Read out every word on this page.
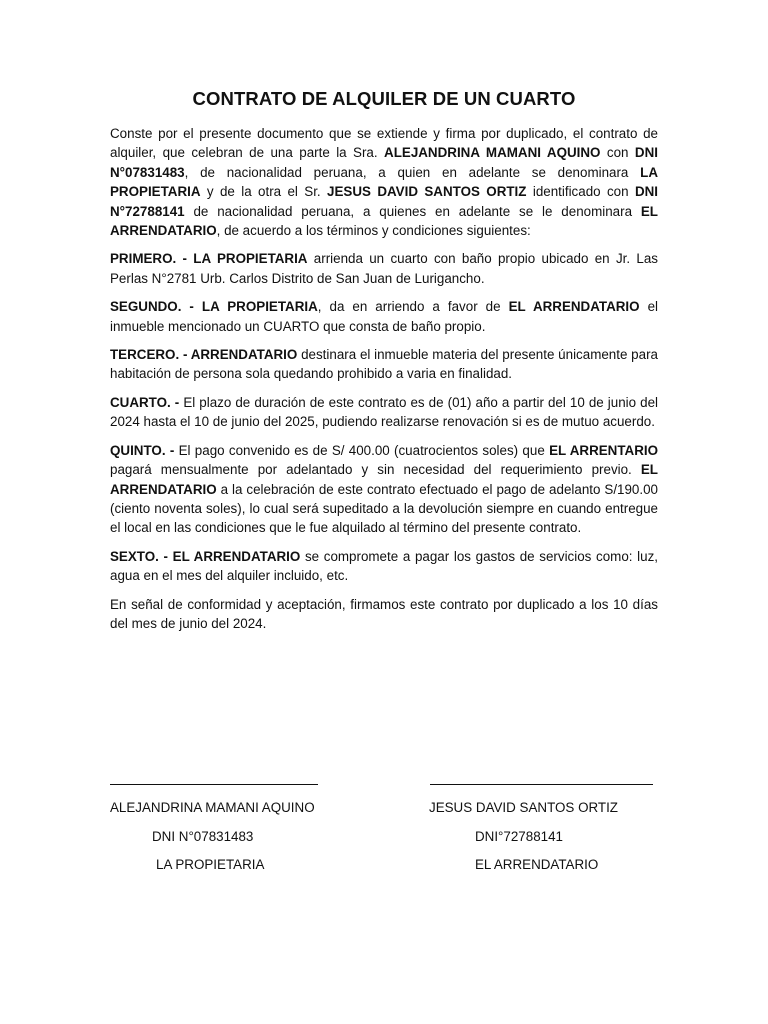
CONTRATO DE ALQUILER DE UN CUARTO

Conste por el presente documento que se extiende y firma por duplicado, el contrato de alquiler, que celebran de una parte la Sra. ALEJANDRINA MAMANI AQUINO con DNI N°07831483, de nacionalidad peruana, a quien en adelante se denominara LA PROPIETARIA y de la otra el Sr. JESUS DAVID SANTOS ORTIZ identificado con DNI N°72788141 de nacionalidad peruana, a quienes en adelante se le denominara EL ARRENDATARIO, de acuerdo a los términos y condiciones siguientes:

PRIMERO. - LA PROPIETARIA arrienda un cuarto con baño propio ubicado en Jr. Las Perlas N°2781 Urb. Carlos Distrito de San Juan de Lurigancho.

SEGUNDO. - LA PROPIETARIA, da en arriendo a favor de EL ARRENDATARIO el inmueble mencionado un CUARTO que consta de baño propio.

TERCERO. - ARRENDATARIO destinara el inmueble materia del presente únicamente para habitación de persona sola quedando prohibido a varia en finalidad.

CUARTO. - El plazo de duración de este contrato es de (01) año a partir del 10 de junio del 2024 hasta el 10 de junio del 2025, pudiendo realizarse renovación si es de mutuo acuerdo.

QUINTO. - El pago convenido es de S/ 400.00 (cuatrocientos soles) que EL ARRENTARIO pagará mensualmente por adelantado y sin necesidad del requerimiento previo. EL ARRENDATARIO a la celebración de este contrato efectuado el pago de adelanto S/190.00 (ciento noventa soles), lo cual será supeditado a la devolución siempre en cuando entregue el local en las condiciones que le fue alquilado al término del presente contrato.

SEXTO. - EL ARRENDATARIO se compromete a pagar los gastos de servicios como: luz, agua en el mes del alquiler incluido, etc.

En señal de conformidad y aceptación, firmamos este contrato por duplicado a los 10 días del mes de junio del 2024.

ALEJANDRINA MAMANI AQUINO
DNI N°07831483
LA PROPIETARIA
JESUS DAVID SANTOS ORTIZ
DNI°72788141
EL ARRENDATARIO
